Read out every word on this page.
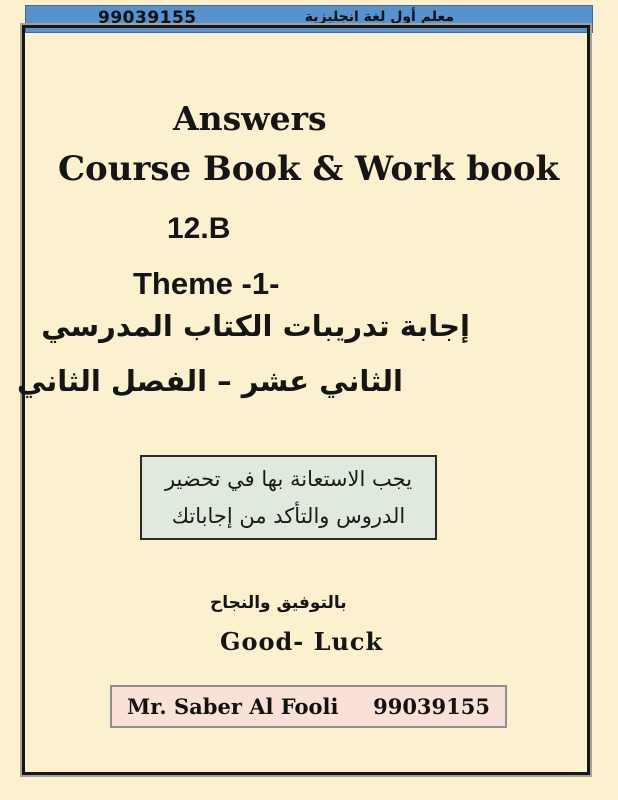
99039155	معلم أول لغة انجليزية
Answers
Course Book & Work book
12.B
Theme -1-
إجابة تدريبات الكتاب المدرسي
الثاني عشر – الفصل الثاني
يجب الاستعانة بها في تحضير
الدروس والتأكد من إجاباتك
بالتوفيق والنجاح
Good- Luck
Mr. Saber Al Fooli 99039155
